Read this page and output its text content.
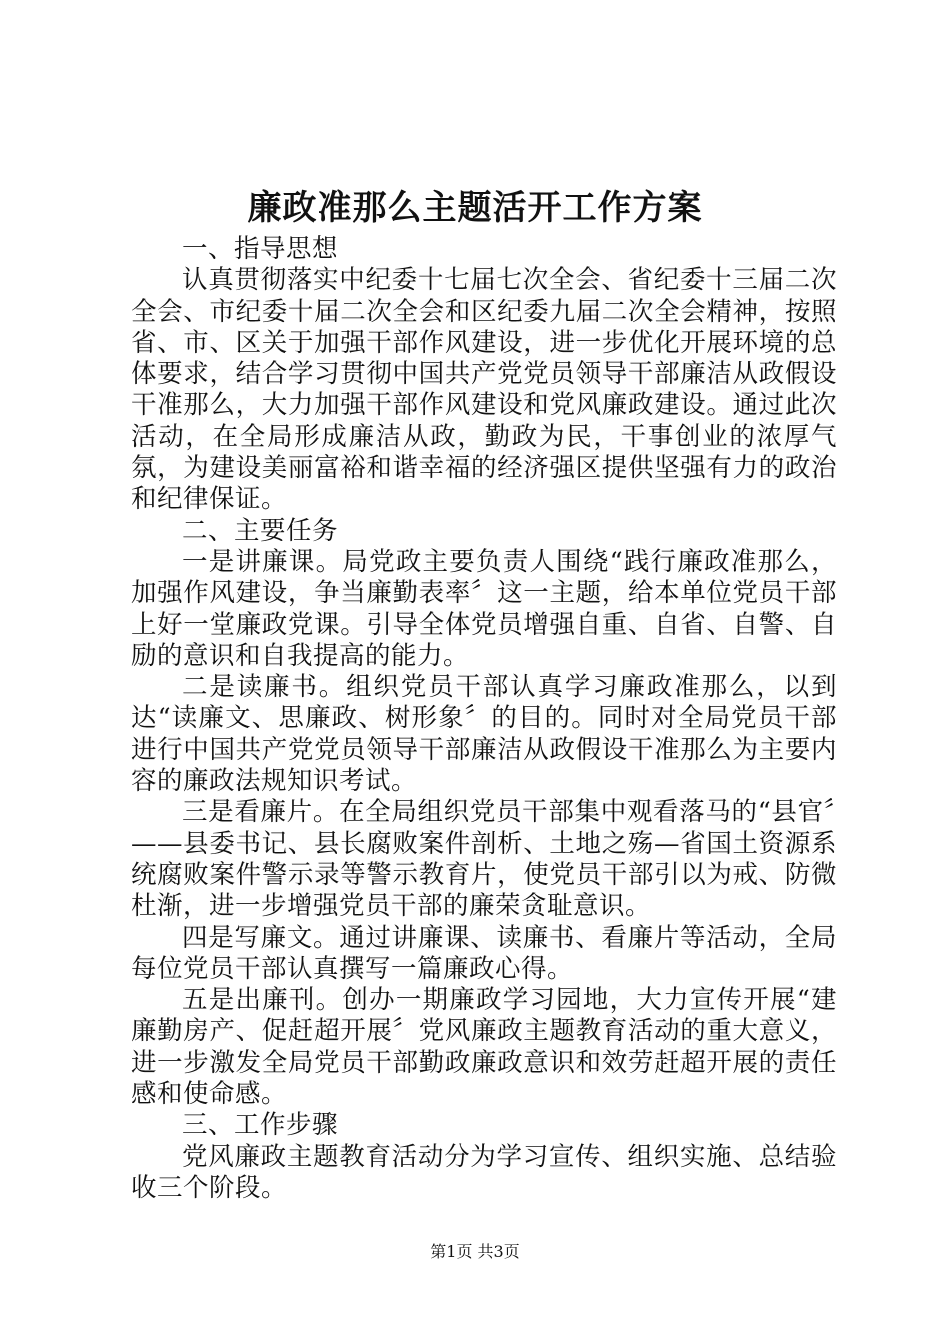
廉政准那么主题活开工作方案

一、指导思想

认真贯彻落实中纪委十七届七次全会、省纪委十三届二次全会、市纪委十届二次全会和区纪委九届二次全会精神，按照省、市、区关于加强干部作风建设，进一步优化开展环境的总体要求，结合学习贯彻中国共产党党员领导干部廉洁从政假设干准那么，大力加强干部作风建设和党风廉政建设。通过此次活动，在全局形成廉洁从政，勤政为民，干事创业的浓厚气氛，为建设美丽富裕和谐幸福的经济强区提供坚强有力的政治和纪律保证。

二、主要任务

一是讲廉课。局党政主要负责人围绕“践行廉政准那么，加强作风建设，争当廉勤表率〞这一主题，给本单位党员干部上好一堂廉政党课。引导全体党员增强自重、自省、自警、自励的意识和自我提高的能力。

二是读廉书。组织党员干部认真学习廉政准那么，以到达“读廉文、思廉政、树形象〞的目的。同时对全局党员干部进行中国共产党党员领导干部廉洁从政假设干准那么为主要内容的廉政法规知识考试。

三是看廉片。在全局组织党员干部集中观看落马的“县官〞——县委书记、县长腐败案件剖析、土地之殇—省国土资源系统腐败案件警示录等警示教育片，使党员干部引以为戒、防微杜渐，进一步增强党员干部的廉荣贪耻意识。

四是写廉文。通过讲廉课、读廉书、看廉片等活动，全局每位党员干部认真撰写一篇廉政心得。

五是出廉刊。创办一期廉政学习园地，大力宣传开展“建廉勤房产、促赶超开展〞党风廉政主题教育活动的重大意义，进一步激发全局党员干部勤政廉政意识和效劳赶超开展的责任感和使命感。

三、工作步骤

党风廉政主题教育活动分为学习宣传、组织实施、总结验收三个阶段。

第1页 共3页
